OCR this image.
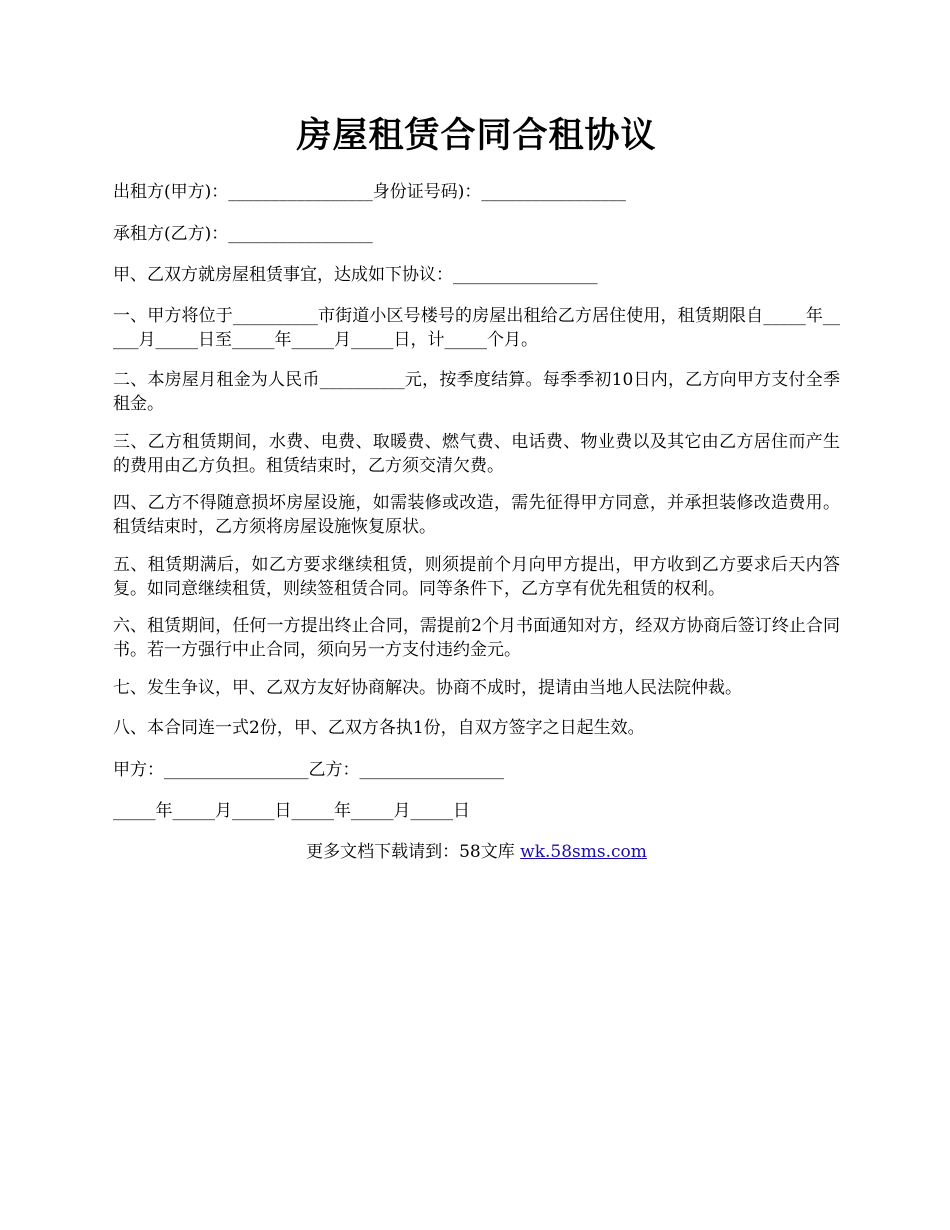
房屋租赁合同合租协议
出租方(甲方)：_________________身份证号码)：_________________
承租方(乙方)：_________________
甲、乙双方就房屋租赁事宜，达成如下协议：_________________
一、甲方将位于__________市街道小区号楼号的房屋出租给乙方居住使用，租赁期限自_____年_____月_____日至_____年_____月_____日，计_____个月。
二、本房屋月租金为人民币__________元，按季度结算。每季季初10日内，乙方向甲方支付全季租金。
三、乙方租赁期间，水费、电费、取暖费、燃气费、电话费、物业费以及其它由乙方居住而产生的费用由乙方负担。租赁结束时，乙方须交清欠费。
四、乙方不得随意损坏房屋设施，如需装修或改造，需先征得甲方同意，并承担装修改造费用。租赁结束时，乙方须将房屋设施恢复原状。
五、租赁期满后，如乙方要求继续租赁，则须提前个月向甲方提出，甲方收到乙方要求后天内答复。如同意继续租赁，则续签租赁合同。同等条件下，乙方享有优先租赁的权利。
六、租赁期间，任何一方提出终止合同，需提前2个月书面通知对方，经双方协商后签订终止合同书。若一方强行中止合同，须向另一方支付违约金元。
七、发生争议，甲、乙双方友好协商解决。协商不成时，提请由当地人民法院仲裁。
八、本合同连一式2份，甲、乙双方各执1份，自双方签字之日起生效。
甲方：_________________乙方：_________________
_____年_____月_____日_____年_____月_____日
更多文档下载请到：58文库 wk.58sms.com
